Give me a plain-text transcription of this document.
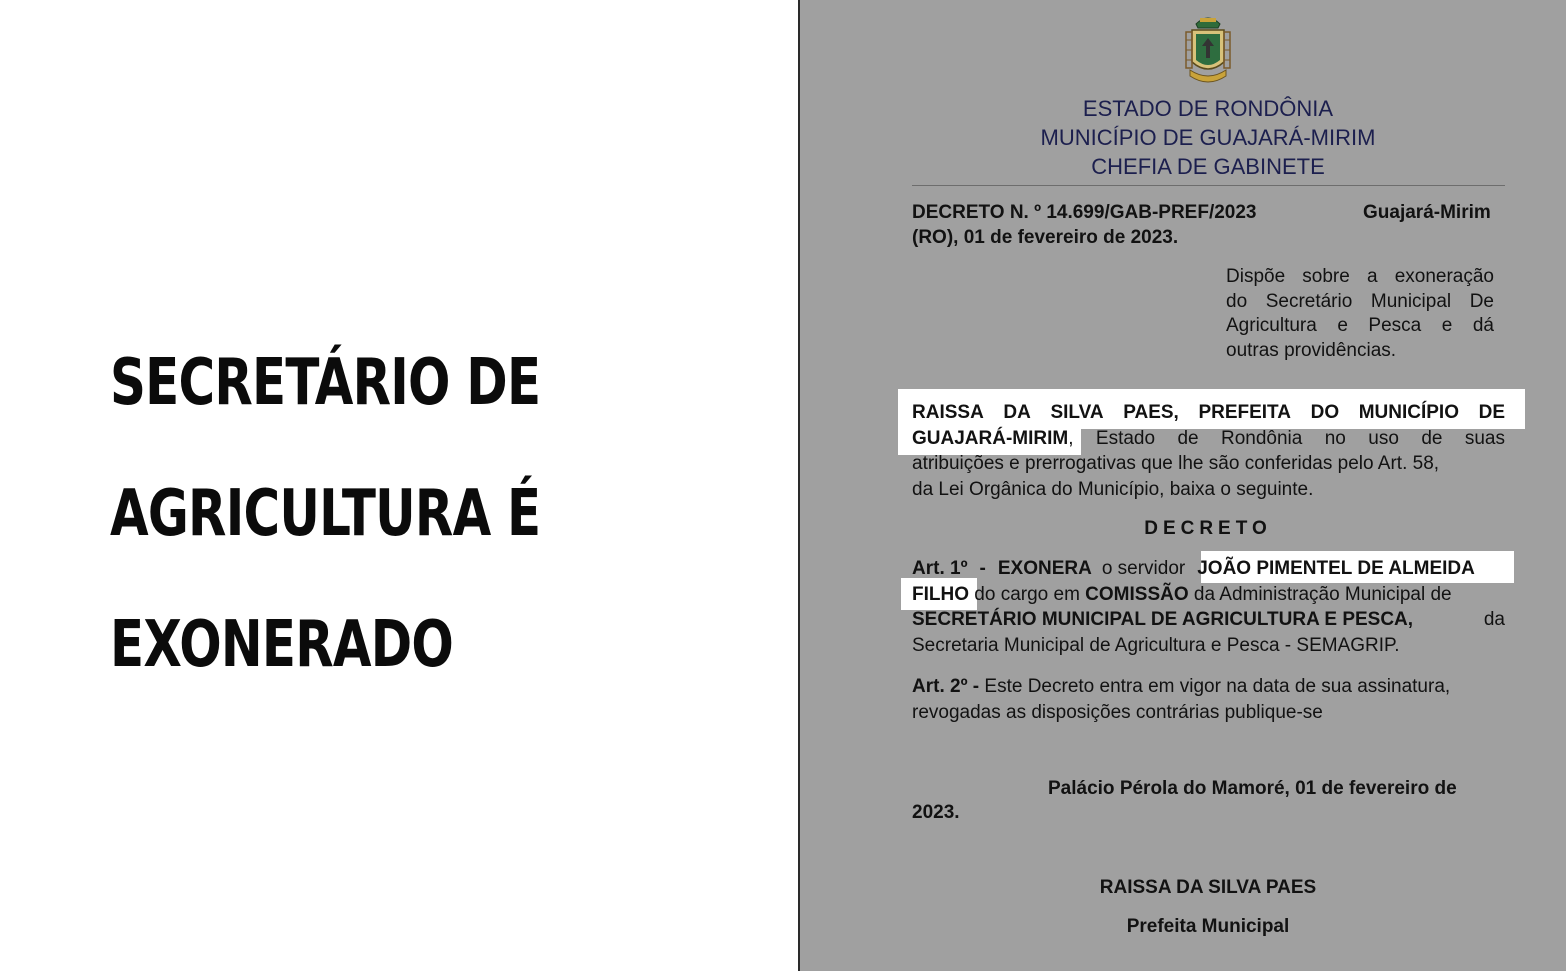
SECRETÁRIO DE
AGRICULTURA É
EXONERADO
ESTADO DE RONDÔNIA
MUNICÍPIO DE GUAJARÁ-MIRIM
CHEFIA DE GABINETE
DECRETO N. º 14.699/GAB-PREF/2023	Guajará-Mirim
(RO), 01 de fevereiro de 2023.
Dispõe sobre a exoneração
do Secretário Municipal De
Agricultura e Pesca e dá
outras providências.
RAISSA DA SILVA PAES, PREFEITA DO MUNICÍPIO DE
GUAJARÁ-MIRIM , Estado de Rondônia no uso de suas
atribuições e prerrogativas que lhe são conferidas pelo Art. 58,
da Lei Orgânica do Município, baixa o seguinte.
DECRETO
Art. 1º
-
EXONERA
o servidor
JOÃO PIMENTEL DE ALMEIDA
FILHO do cargo em COMISSÃO da Administração Municipal de
SECRETÁRIO MUNICIPAL DE AGRICULTURA E PESCA,	da
Secretaria Municipal de Agricultura e Pesca - SEMAGRIP.
Art. 2º - Este Decreto entra em vigor na data de sua assinatura,
revogadas as disposições contrárias publique-se
Palácio Pérola do Mamoré, 01 de fevereiro de
2023.
RAISSA DA SILVA PAES
Prefeita Municipal
